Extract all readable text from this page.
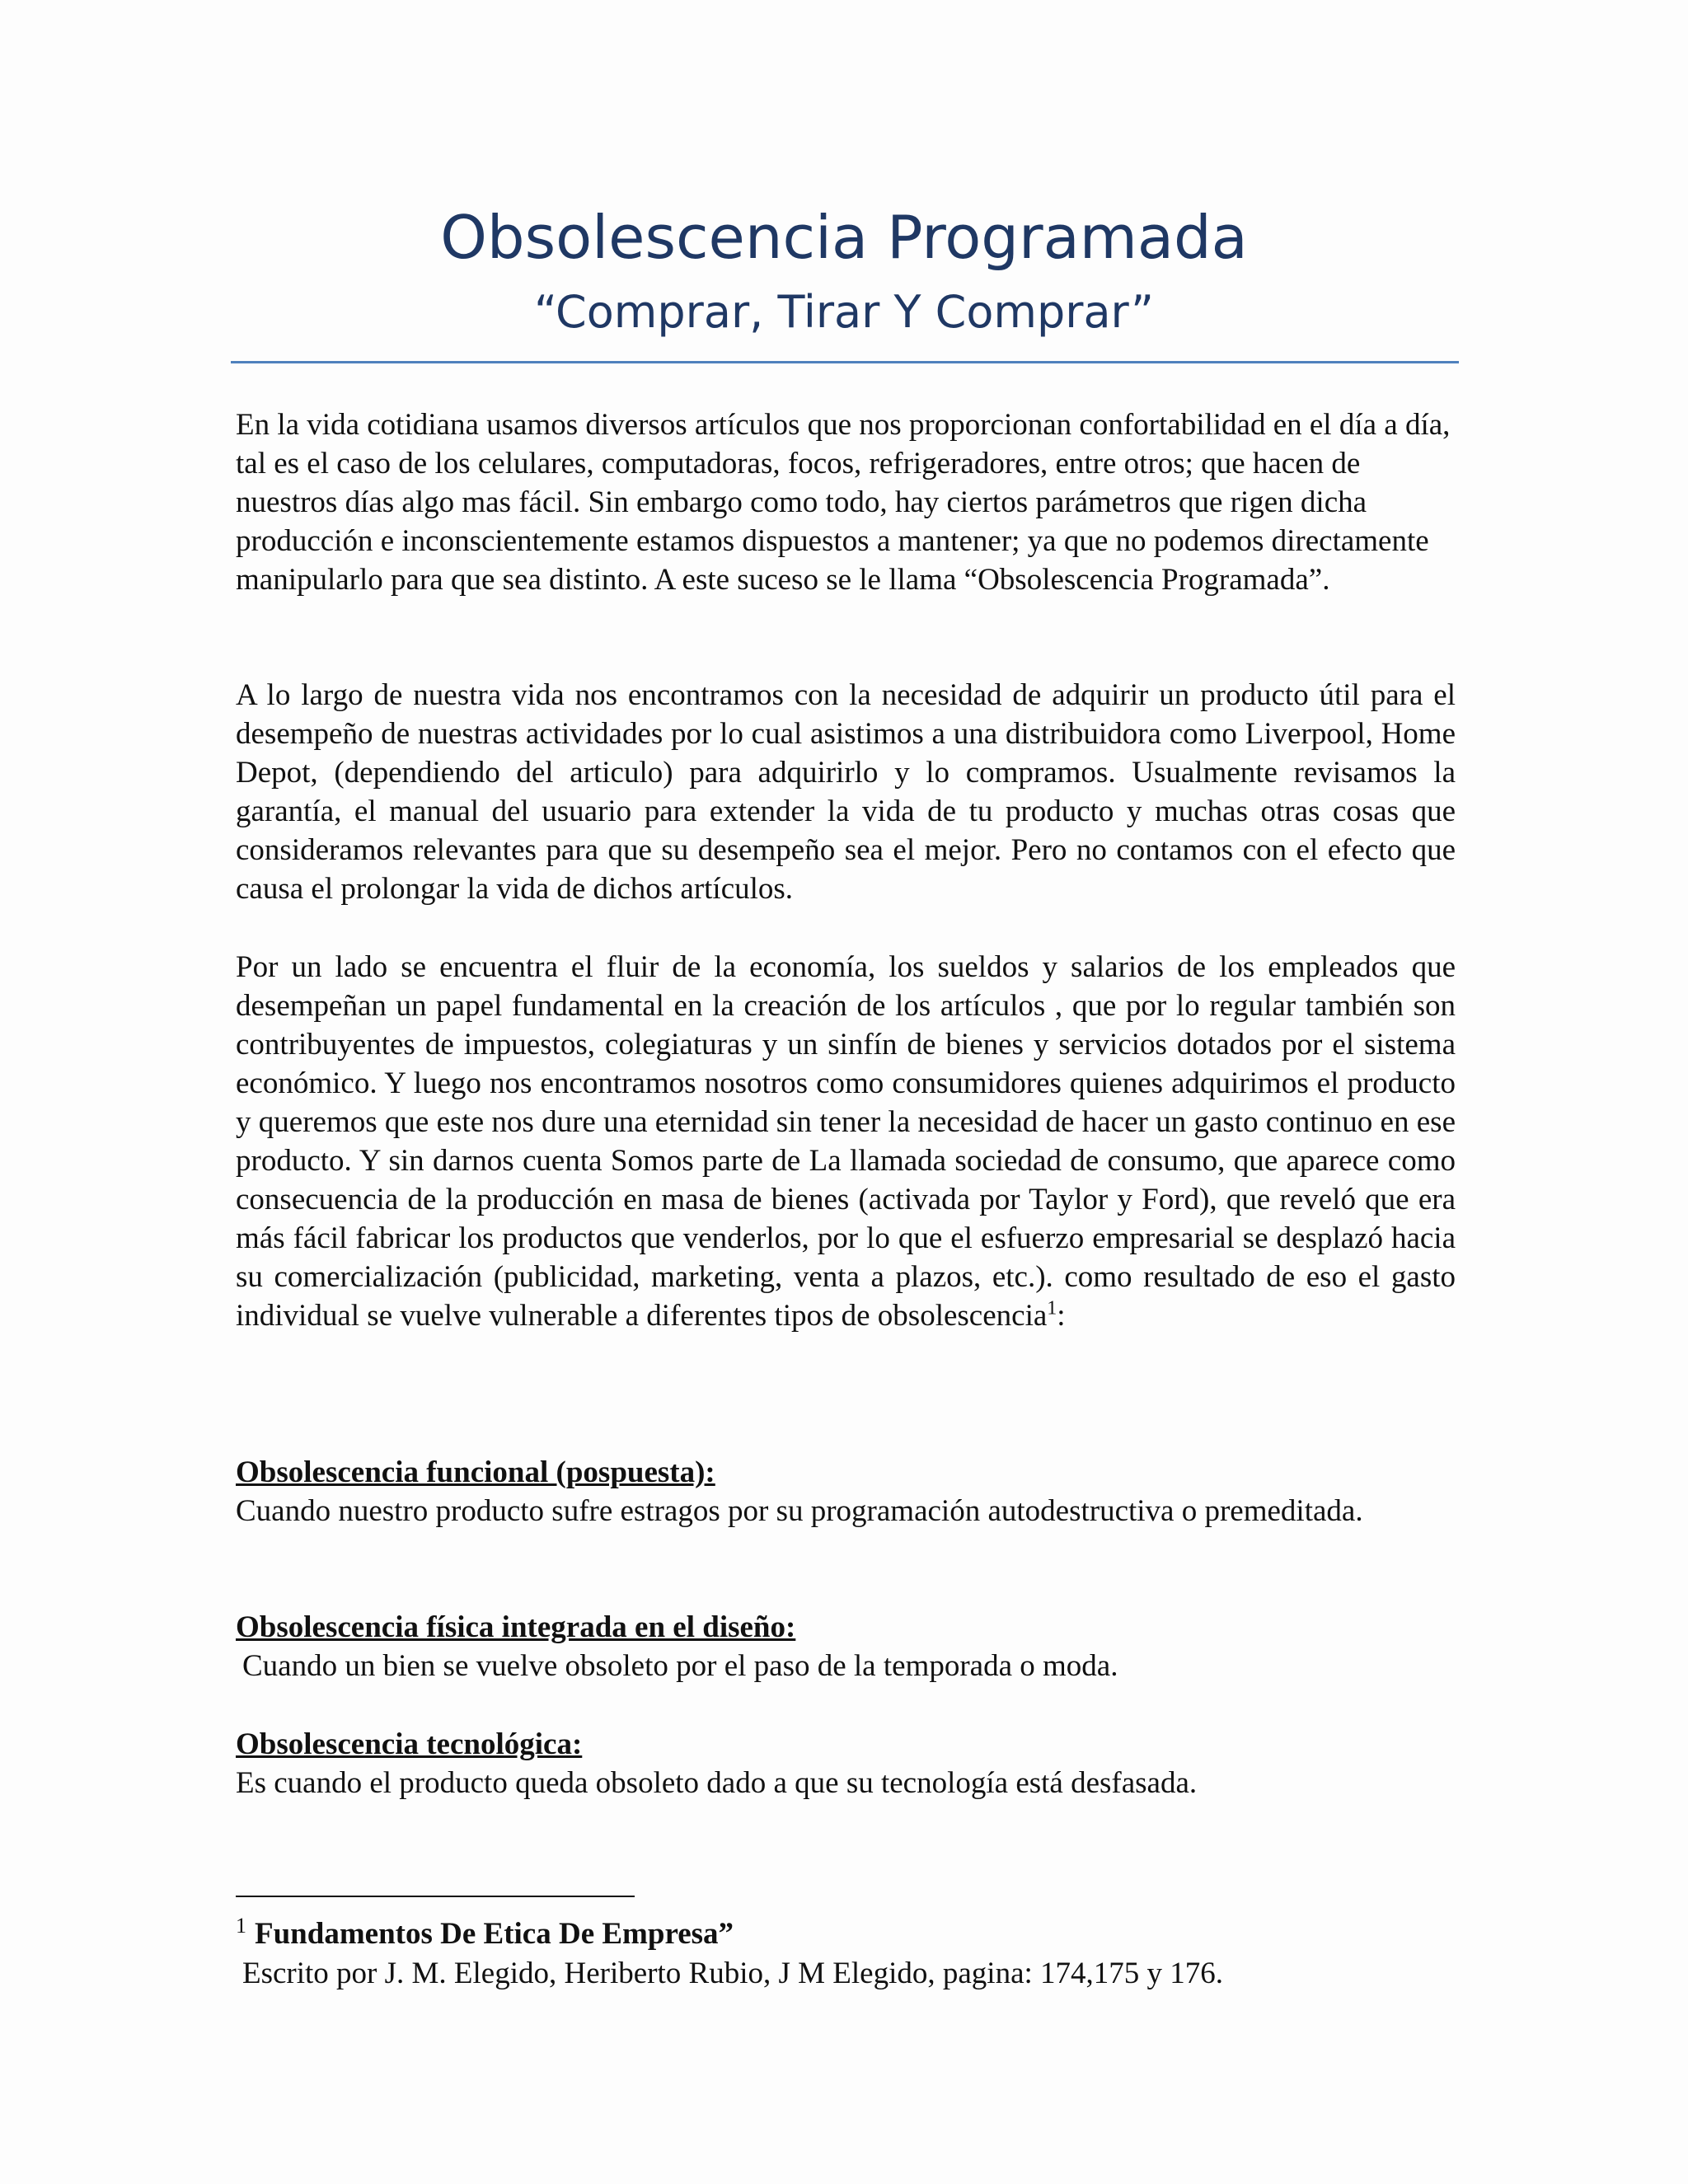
Obsolescencia Programada
“Comprar, Tirar Y Comprar”

En la vida cotidiana usamos diversos artículos que nos proporcionan confortabilidad en el día a día, tal es el caso de los celulares, computadoras, focos, refrigeradores, entre otros; que hacen de nuestros días algo mas fácil. Sin embargo como todo, hay ciertos parámetros que rigen dicha producción e inconscientemente estamos dispuestos a mantener; ya que no podemos directamente manipularlo para que sea distinto. A este suceso se le llama “Obsolescencia Programada”.

A lo largo de nuestra vida nos encontramos con la necesidad de adquirir un producto útil para el desempeño de nuestras actividades por lo cual asistimos a una distribuidora como Liverpool, Home Depot, (dependiendo del articulo) para adquirirlo y lo compramos. Usualmente revisamos la garantía, el manual del usuario para extender la vida de tu producto y muchas otras cosas que consideramos relevantes para que su desempeño sea el mejor. Pero no contamos con el efecto que causa el prolongar la vida de dichos artículos.

Por un lado se encuentra el fluir de la economía, los sueldos y salarios de los empleados que desempeñan un papel fundamental en la creación de los artículos , que por lo regular también son contribuyentes de impuestos, colegiaturas y un sinfín de bienes y servicios dotados por el sistema económico. Y luego nos encontramos nosotros como consumidores quienes adquirimos el producto y queremos que este nos dure una eternidad sin tener la necesidad de hacer un gasto continuo en ese producto. Y sin darnos cuenta Somos parte de La llamada sociedad de consumo, que aparece como consecuencia de la producción en masa de bienes (activada por Taylor y Ford), que reveló que era más fácil fabricar los productos que venderlos, por lo que el esfuerzo empresarial se desplazó hacia su comercialización (publicidad, marketing, venta a plazos, etc.). como resultado de eso el gasto individual se vuelve vulnerable a diferentes tipos de obsolescencia$^1$:

Obsolescencia funcional (pospuesta):

Cuando nuestro producto sufre estragos por su programación autodestructiva o premeditada.

Obsolescencia física integrada en el diseño:

Cuando un bien se vuelve obsoleto por el paso de la temporada o moda.

Obsolescencia tecnológica:

Es cuando el producto queda obsoleto dado a que su tecnología está desfasada.

$^1$ Fundamentos De Etica De Empresa”

Escrito por J. M. Elegido, Heriberto Rubio, J M Elegido, pagina: 174,175 y 176.
